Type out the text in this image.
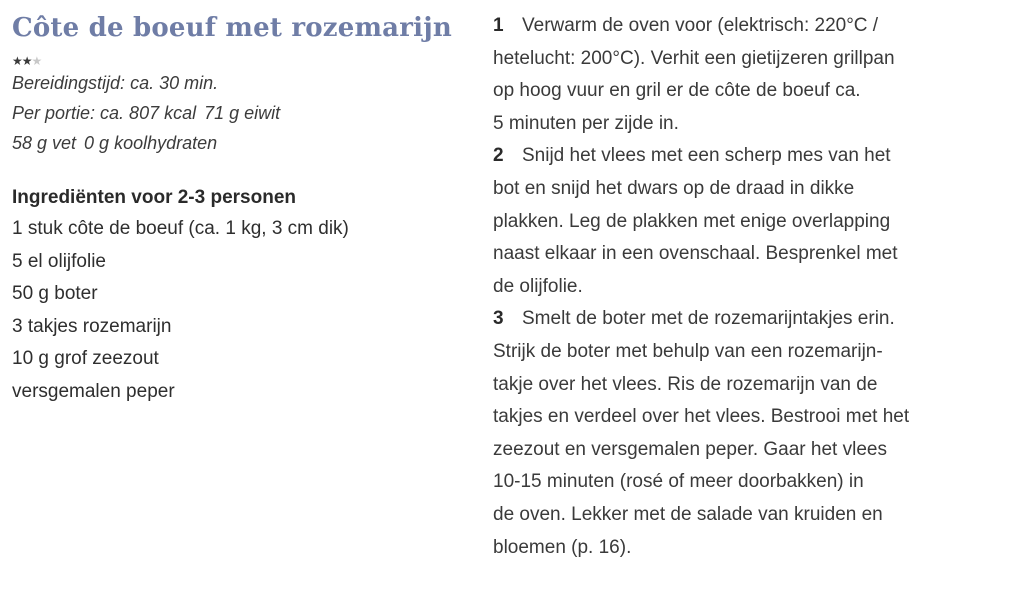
Côte de boeuf met rozemarijn
★★★
Bereidingstijd: ca. 30 min.
Per portie: ca. 807 kcal 71 g eiwit
58 g vet 0 g koolhydraten
Ingrediënten voor 2-3 personen
1 stuk côte de boeuf (ca. 1 kg, 3 cm dik)
5 el olijfolie
50 g boter
3 takjes rozemarijn
10 g grof zeezout
versgemalen peper
1 Verwarm de oven voor (elektrisch: 220°C /
hetelucht: 200°C). Verhit een gietijzeren grillpan
op hoog vuur en gril er de côte de boeuf ca.
5 minuten per zijde in.
2 Snijd het vlees met een scherp mes van het
bot en snijd het dwars op de draad in dikke
plakken. Leg de plakken met enige overlapping
naast elkaar in een ovenschaal. Besprenkel met
de olijfolie.
3 Smelt de boter met de rozemarijntakjes erin.
Strijk de boter met behulp van een rozemarijn-
takje over het vlees. Ris de rozemarijn van de
takjes en verdeel over het vlees. Bestrooi met het
zeezout en versgemalen peper. Gaar het vlees
10-15 minuten (rosé of meer doorbakken) in
de oven. Lekker met de salade van kruiden en
bloemen (p. 16).
